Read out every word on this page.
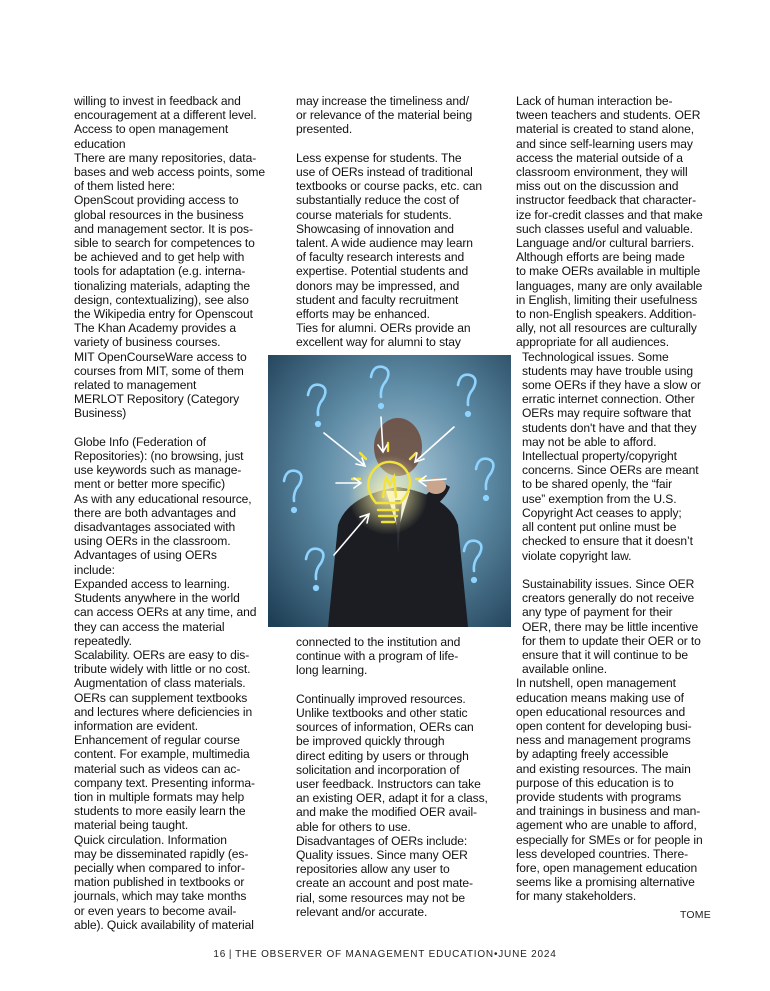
willing to invest in feedback and
encouragement at a different level.
Access to open management
education
There are many repositories, data-
bases and web access points, some
of them listed here:
OpenScout providing access to
global resources in the business
and management sector. It is pos-
sible to search for competences to
be achieved and to get help with
tools for adaptation (e.g. interna-
tionalizing materials, adapting the
design, contextualizing), see also
the Wikipedia entry for Openscout
The Khan Academy provides a
variety of business courses.
MIT OpenCourseWare access to
courses from MIT, some of them
related to management
MERLOT Repository (Category
Business)
Globe Info (Federation of
Repositories): (no browsing, just
use keywords such as manage-
ment or better more specific)
As with any educational resource,
there are both advantages and
disadvantages associated with
using OERs in the classroom.
Advantages of using OERs
include:
Expanded access to learning.
Students anywhere in the world
can access OERs at any time, and
they can access the material
repeatedly.
Scalability. OERs are easy to dis-
tribute widely with little or no cost.
Augmentation of class materials.
OERs can supplement textbooks
and lectures where deficiencies in
information are evident.
Enhancement of regular course
content. For example, multimedia
material such as videos can ac-
company text. Presenting informa-
tion in multiple formats may help
students to more easily learn the
material being taught.
Quick circulation. Information
may be disseminated rapidly (es-
pecially when compared to infor-
mation published in textbooks or
journals, which may take months
or even years to become avail-
able). Quick availability of material
may increase the timeliness and/
or relevance of the material being
presented.
Less expense for students. The
use of OERs instead of traditional
textbooks or course packs, etc. can
substantially reduce the cost of
course materials for students.
Showcasing of innovation and
talent. A wide audience may learn
of faculty research interests and
expertise. Potential students and
donors may be impressed, and
student and faculty recruitment
efforts may be enhanced.
Ties for alumni. OERs provide an
excellent way for alumni to stay
connected to the institution and
continue with a program of life-
long learning.
Continually improved resources.
Unlike textbooks and other static
sources of information, OERs can
be improved quickly through
direct editing by users or through
solicitation and incorporation of
user feedback. Instructors can take
an existing OER, adapt it for a class,
and make the modified OER avail-
able for others to use.
Disadvantages of OERs include:
Quality issues. Since many OER
repositories allow any user to
create an account and post mate-
rial, some resources may not be
relevant and/or accurate.
Lack of human interaction be-
tween teachers and students. OER
material is created to stand alone,
and since self-learning users may
access the material outside of a
classroom environment, they will
miss out on the discussion and
instructor feedback that character-
ize for-credit classes and that make
such classes useful and valuable.
Language and/or cultural barriers.
Although efforts are being made
to make OERs available in multiple
languages, many are only available
in English, limiting their usefulness
to non-English speakers. Addition-
ally, not all resources are culturally
appropriate for all audiences.
Technological issues. Some
students may have trouble using
some OERs if they have a slow or
erratic internet connection. Other
OERs may require software that
students don't have and that they
may not be able to afford.
Intellectual property/copyright
concerns. Since OERs are meant
to be shared openly, the “fair
use” exemption from the U.S.
Copyright Act ceases to apply;
all content put online must be
checked to ensure that it doesn’t
violate copyright law.
Sustainability issues. Since OER
creators generally do not receive
any type of payment for their
OER, there may be little incentive
for them to update their OER or to
ensure that it will continue to be
available online.
In nutshell, open management
education means making use of
open educational resources and
open content for developing busi-
ness and management programs
by adapting freely accessible
and existing resources. The main
purpose of this education is to
provide students with programs
and trainings in business and man-
agement who are unable to afford,
especially for SMEs or for people in
less developed countries. There-
fore, open management education
seems like a promising alternative
for many stakeholders.
TOME
16 | THE OBSERVER OF MANAGEMENT EDUCATION•JUNE 2024
